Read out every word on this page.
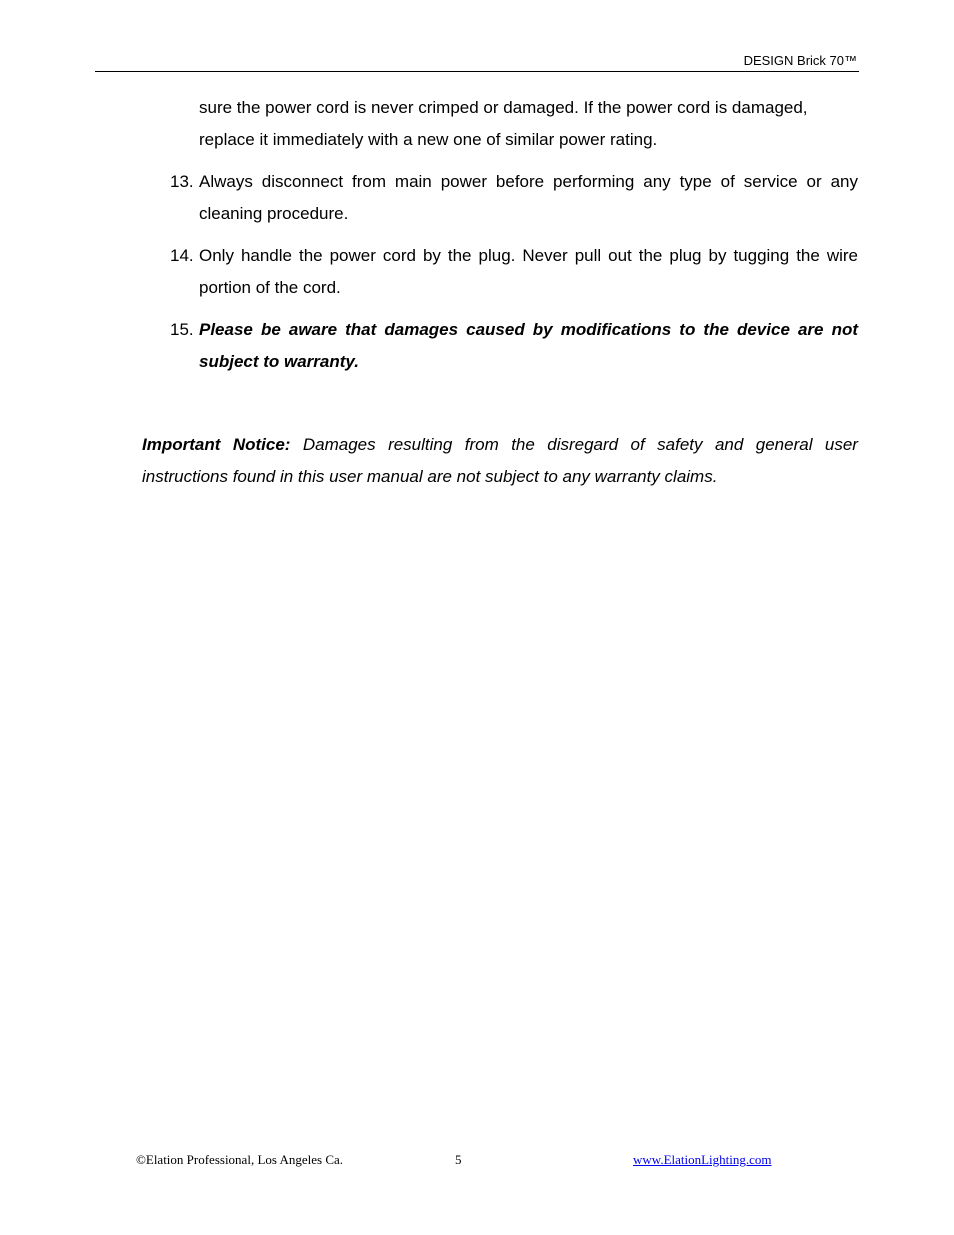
DESIGN Brick 70™
sure the power cord is never crimped or damaged. If the power cord is damaged,
replace it immediately with a new one of similar power rating.
13. Always disconnect from main power before performing any type of service or any cleaning procedure.
14. Only handle the power cord by the plug. Never pull out the plug by tugging the wire portion of the cord.
15. Please be aware that damages caused by modifications to the device are not subject to warranty.
Important Notice: Damages resulting from the disregard of safety and general user instructions found in this user manual are not subject to any warranty claims.
©Elation Professional, Los Angeles Ca.	5	www.ElationLighting.com
